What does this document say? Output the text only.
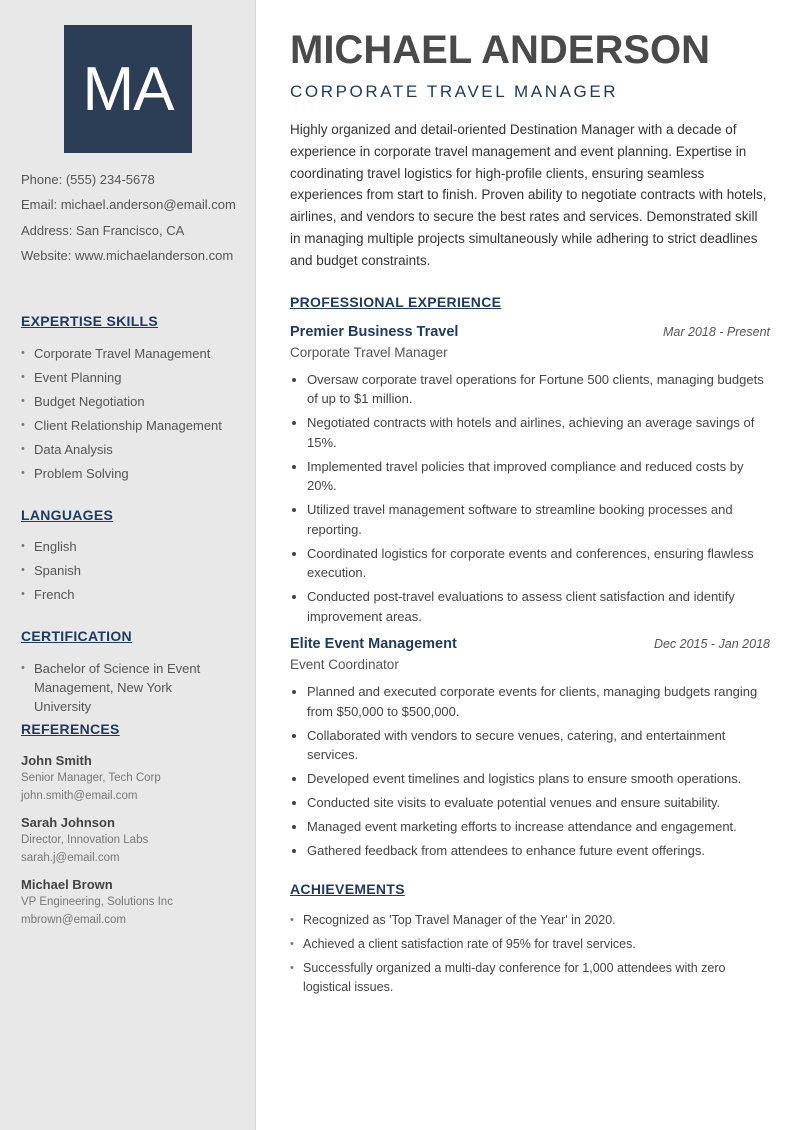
MA
Phone: (555) 234-5678
Email: michael.anderson@email.com
Address: San Francisco, CA
Website: www.michaelanderson.com
EXPERTISE SKILLS
• Corporate Travel Management
• Event Planning
• Budget Negotiation
• Client Relationship Management
• Data Analysis
• Problem Solving
LANGUAGES
• English
• Spanish
• French
CERTIFICATION
• Bachelor of Science in Event Management, New York University
REFERENCES
John Smith
Senior Manager, Tech Corp
john.smith@email.com
Sarah Johnson
Director, Innovation Labs
sarah.j@email.com
Michael Brown
VP Engineering, Solutions Inc
mbrown@email.com
MICHAEL ANDERSON
CORPORATE TRAVEL MANAGER

Highly organized and detail-oriented Destination Manager with a decade of experience in corporate travel management and event planning. Expertise in coordinating travel logistics for high-profile clients, ensuring seamless experiences from start to finish. Proven ability to negotiate contracts with hotels, airlines, and vendors to secure the best rates and services. Demonstrated skill in managing multiple projects simultaneously while adhering to strict deadlines and budget constraints.

PROFESSIONAL EXPERIENCE
Premier Business Travel	Mar 2018 - Present
Corporate Travel Manager
• Oversaw corporate travel operations for Fortune 500 clients, managing budgets of up to $1 million.
• Negotiated contracts with hotels and airlines, achieving an average savings of 15%.
• Implemented travel policies that improved compliance and reduced costs by 20%.
• Utilized travel management software to streamline booking processes and reporting.
• Coordinated logistics for corporate events and conferences, ensuring flawless execution.
• Conducted post-travel evaluations to assess client satisfaction and identify improvement areas.
Elite Event Management	Dec 2015 - Jan 2018
Event Coordinator
• Planned and executed corporate events for clients, managing budgets ranging from $50,000 to $500,000.
• Collaborated with vendors to secure venues, catering, and entertainment services.
• Developed event timelines and logistics plans to ensure smooth operations.
• Conducted site visits to evaluate potential venues and ensure suitability.
• Managed event marketing efforts to increase attendance and engagement.
• Gathered feedback from attendees to enhance future event offerings.
ACHIEVEMENTS
• Recognized as 'Top Travel Manager of the Year' in 2020.
• Achieved a client satisfaction rate of 95% for travel services.
• Successfully organized a multi-day conference for 1,000 attendees with zero logistical issues.
